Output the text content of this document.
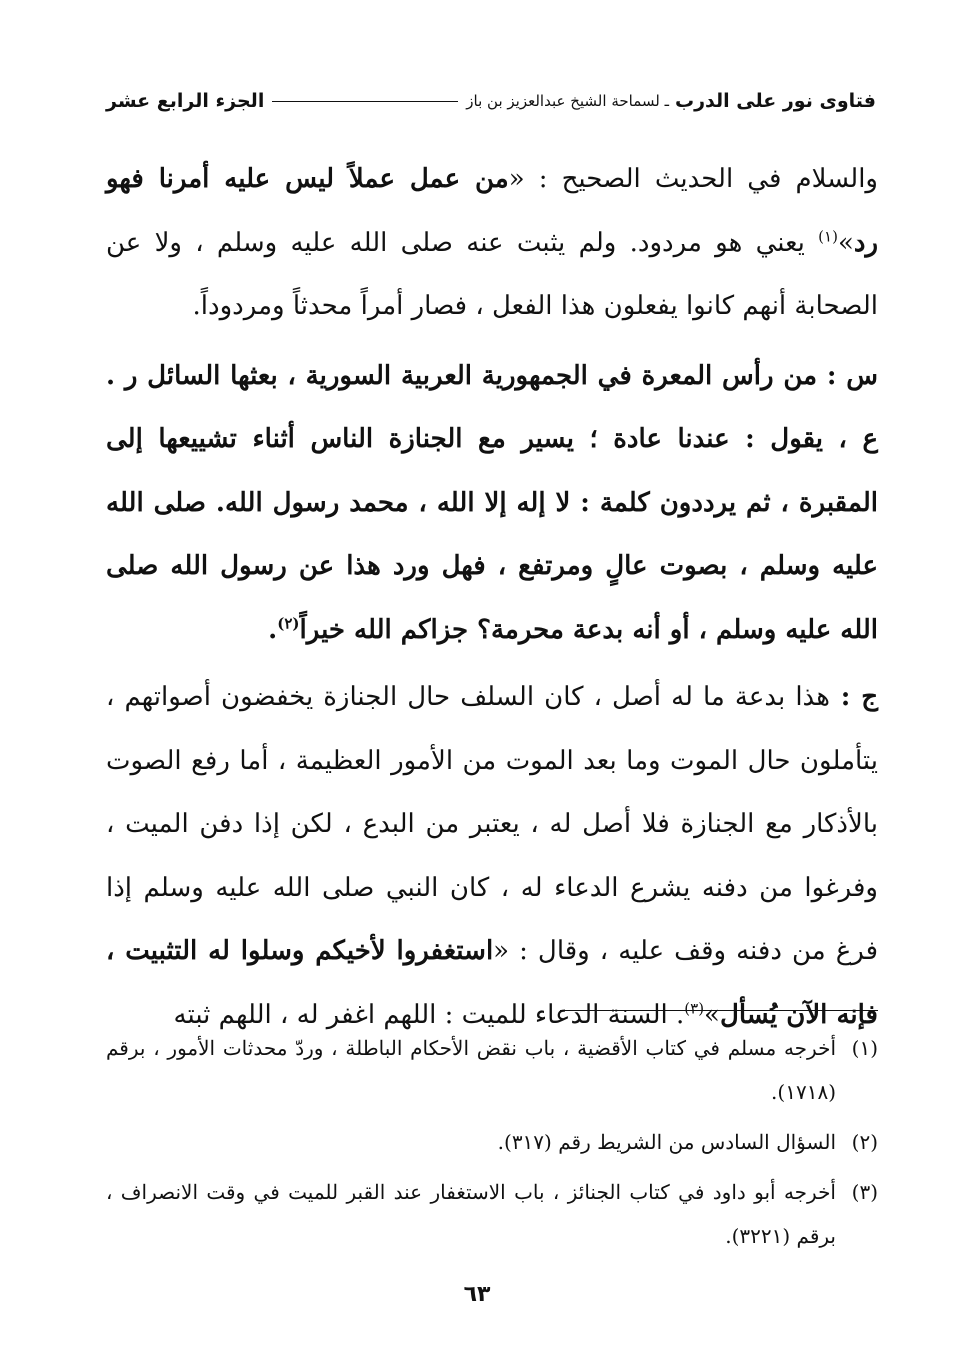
فتاوى نور على الدرب
ـ لسماحة الشيخ عبدالعزيز بن باز
الجزء الرابع عشر

والسلام في الحديث الصحيح : «من عمل عملاً ليس عليه أمرنا فهو رد»$^{(١)}$ يعني هو مردود. ولم يثبت عنه صلى الله عليه وسلم ، ولا عن الصحابة أنهم كانوا يفعلون هذا الفعل ، فصار أمراً محدثاً ومردوداً.

س : من رأس المعرة في الجمهورية العربية السورية ، بعثها السائل ر . ع ، يقول : عندنا عادة ؛ يسير مع الجنازة الناس أثناء تشييعها إلى المقبرة ، ثم يرددون كلمة : لا إله إلا الله ، محمد رسول الله. صلى الله عليه وسلم ، بصوت عالٍ ومرتفع ، فهل ورد هذا عن رسول الله صلى الله عليه وسلم ، أو أنه بدعة محرمة؟ جزاكم الله خيراً$^{(٢)}$.

ج : هذا بدعة ما له أصل ، كان السلف حال الجنازة يخفضون أصواتهم ، يتأملون حال الموت وما بعد الموت من الأمور العظيمة ، أما رفع الصوت بالأذكار مع الجنازة فلا أصل له ، يعتبر من البدع ، لكن إذا دفن الميت ، وفرغوا من دفنه يشرع الدعاء له ، كان النبي صلى الله عليه وسلم إذا فرغ من دفنه وقف عليه ، وقال : «استغفروا لأخيكم وسلوا له التثبيت ، فإنه الآن يُسأل»$^{(٣)}$. السنة الدعاء للميت : اللهم اغفر له ، اللهم ثبته

(١)
أخرجه مسلم في كتاب الأقضية ، باب نقض الأحكام الباطلة ، وردّ محدثات الأمور ، برقم (١٧١٨).
(٢)
السؤال السادس من الشريط رقم (٣١٧).
(٣)
أخرجه أبو داود في كتاب الجنائز ، باب الاستغفار عند القبر للميت في وقت الانصراف ، برقم (٣٢٢١).
٦٣
